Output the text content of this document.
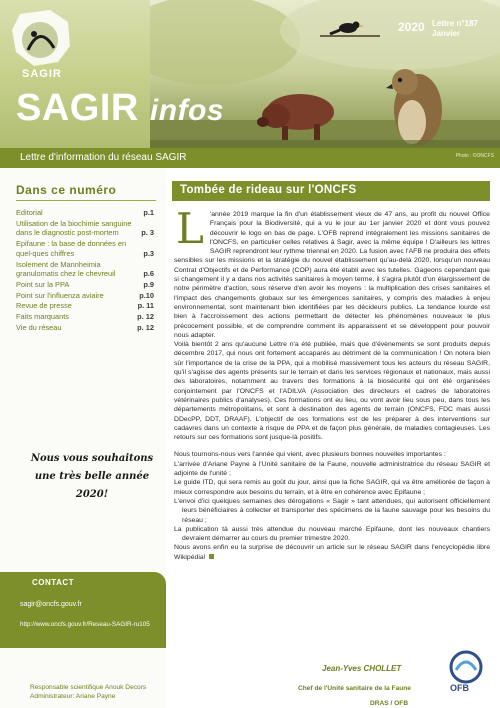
SAGIR
SAGIR infos
2020 Lettre n°187
Janvier
Lettre d'information du réseau SAGIR	Photo : ©ONCFS
Dans ce numéro
Editorial	p.1
Utilisation de la biochimie sanguine dans le diagnostic post-mortem	p. 3
Epifaune : la base de données en quel-ques chiffres	p.3
Isolement de Mannheimia granulomatis chez le chevreuil	p.6
Point sur la PPA	p.9
Point sur l'influenza aviaire	p.10
Revue de presse	p. 11
Faits marquants	p. 12
Vie du réseau	p. 12
Nous vous souhaitons
une très belle année 2020!
CONTACT
sagir@oncfs.gouv.fr
http://www.oncfs.gouv.fr/Reseau-SAGIR-ru105
Responsable scientifique Anouk Decors
Administrateur: Ariane Payne
Tombée de rideau sur l'ONCFS

L 'année 2019 marque la fin d'un établissement vieux de 47 ans, au profit du nouvel Office Français pour la Biodiversité, qui a vu le jour au 1er janvier 2020 et dont vous pouvez découvrir le logo en bas de page. L'OFB reprend intégralement les missions sanitaires de l'ONCFS, en particulier celles relatives à Sagir, avec la même équipe ! D'ailleurs les lettres SAGIR reprendront leur rythme triennal en 2020. La fusion avec l'AFB ne produira des effets sensibles sur les missions et la stratégie du nouvel établissement qu'au-delà 2020, lorsqu'un nouveau Contrat d'Objectifs et de Performance (COP) aura été établi avec les tutelles. Gageons cependant que si changement il y a dans nos activités sanitaires à moyen terme, il s'agira plutôt d'un élargissement de notre périmètre d'action, sous réserve d'en avoir les moyens : la multiplication des crises sanitaires et l'impact des changements globaux sur les émergences sanitaires, y compris des maladies à enjeu environnemental, sont maintenant bien identifiées par les décideurs publics. La tendance lourde est bien à l'accroissement des actions permettant de détecter les phénomènes nouveaux le plus précocement possible, et de comprendre comment ils apparaissent et se développent pour pouvoir nous adapter.

Voilà bientôt 2 ans qu'aucune Lettre n'a été publiée, mais que d'évènements se sont produits depuis décembre 2017, qui nous ont fortement accaparés au détriment de la communication ! On notera bien sûr l'importance de la crise de la PPA, qui a mobilisé massivement tous les acteurs du réseau SAGIR, qu'il s'agisse des agents présents sur le terrain et dans les services régionaux et nationaux, mais aussi des laboratoires, notamment au travers des formations à la biosécurité qui ont été organisées conjointement par l'ONCFS et l'ADILVA (Association des directeurs et cadres de laboratoires vétérinaires publics d'analyses). Ces formations ont eu lieu, ou vont avoir lieu sous peu, dans tous les départements métropolitains, et sont à destination des agents de terrain (ONCFS, FDC mais aussi DDecPP, DDT, DRAAF). L'objectif de ces formations est de les préparer à des interventions sur cadavres dans un contexte à risque de PPA et de façon plus générale, de maladies contagieuses. Les retours sur ces formations sont jusque-là positifs.

Nous tournons-nous vers l'année qui vient, avec plusieurs bonnes nouvelles importantes :

L'arrivée d'Ariane Payne à l'Unité sanitaire de la Faune, nouvelle administratrice du réseau SAGIR et adjointe de l'unité ;

Le guide ITD, qui sera remis au goût du jour, ainsi que la fiche SAGIR, qui va être améliorée de façon à mieux correspondre aux besoins du terrain, et à être en cohérence avec Epifaune ;

L'envoi d'ici quelques semaines des dérogations « Sagir » tant attendues, qui autorisent officiellement leurs bénéficiaires à collecter et transporter des spécimens de la faune sauvage pour les besoins du réseau ;

La publication tà aussi très attendue du nouveau marché Epifaune, dont les nouveaux chantiers devraient démarrer au cours du premier trimestre 2020.

Nous avons enfin eu la surprise de découvrir un article sur le réseau SAGIR dans l'encyclopédie libre Wikipédia!

Jean-Yves CHOLLET
Chef de l'Unité sanitaire de la Faune
DRAS / OFB
OFB
